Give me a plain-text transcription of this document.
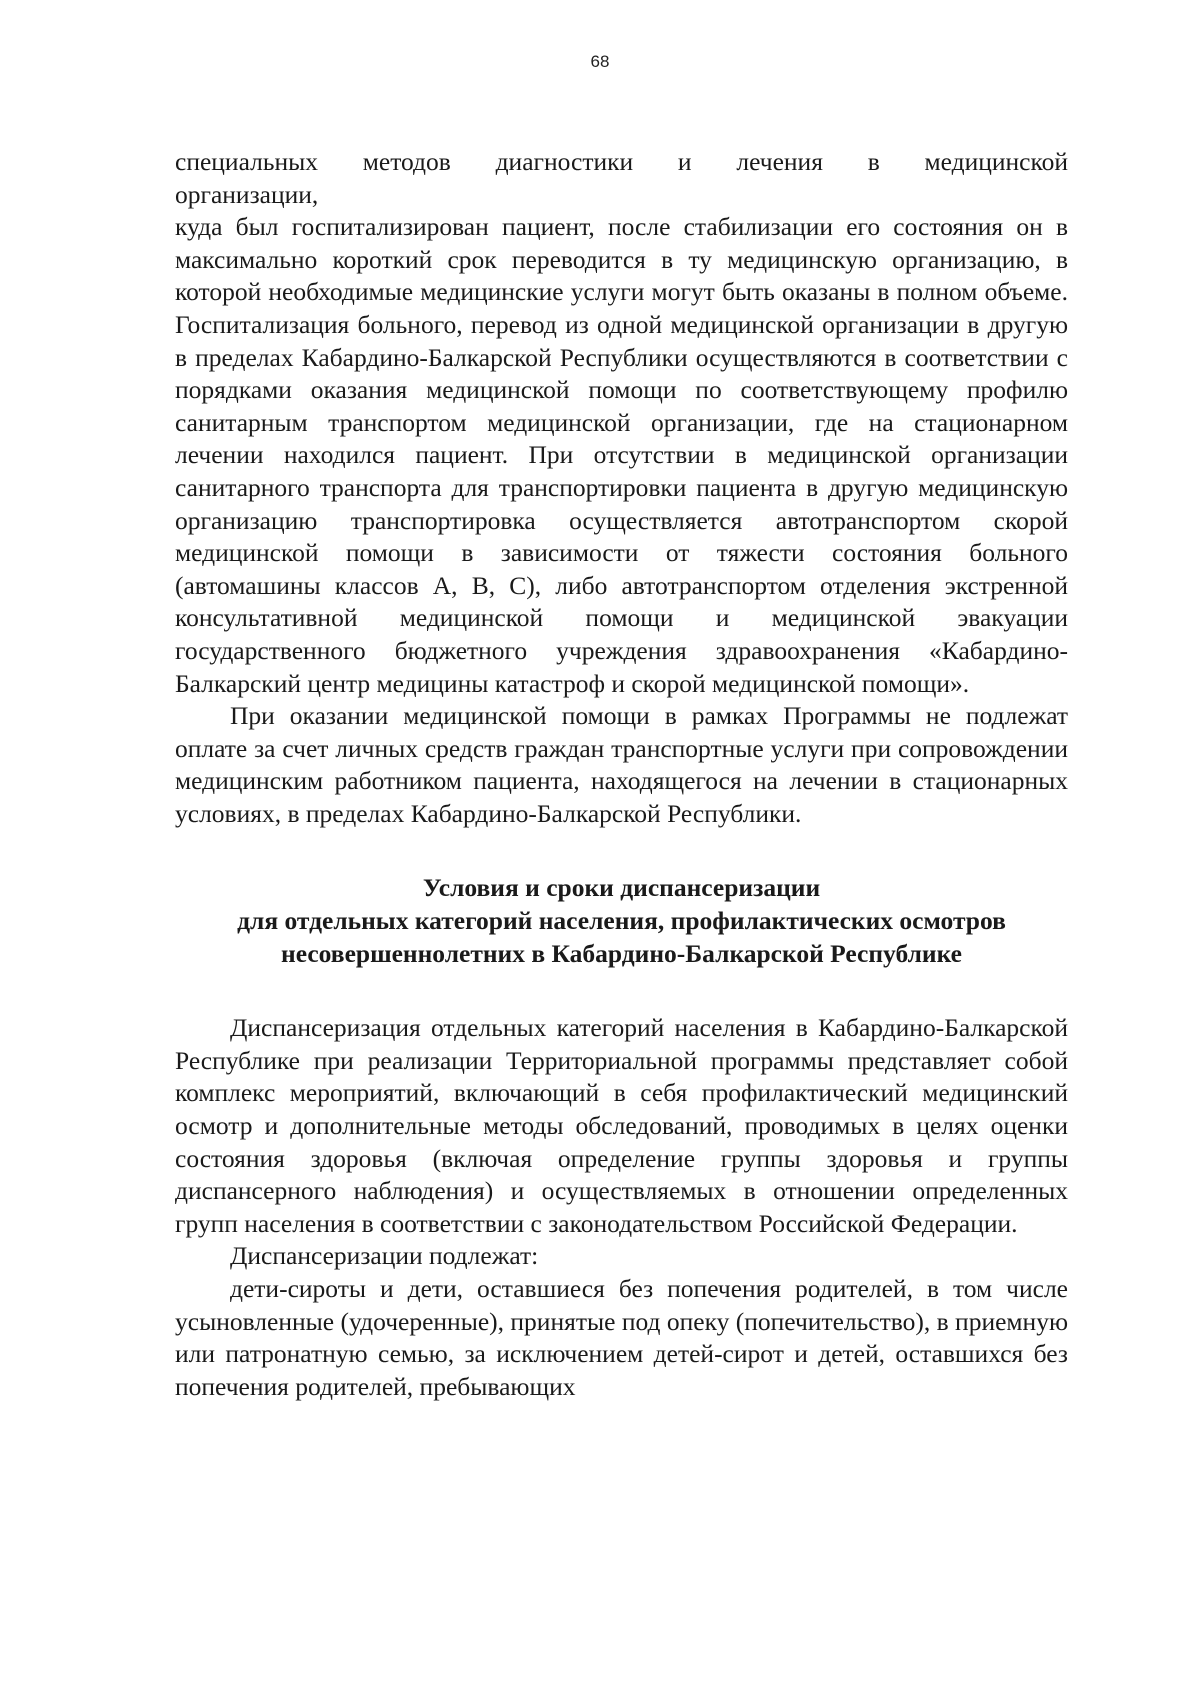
68

специальных методов диагностики и лечения в медицинской

организации,

куда был госпитализирован пациент, после стабилизации его состояния он в максимально короткий срок переводится в ту медицинскую организацию, в которой необходимые медицинские услуги могут быть оказаны в полном объеме. Госпитализация больного, перевод из одной медицинской организации в другую в пределах Кабардино-Балкарской Республики осуществляются в соответствии с порядками оказания медицинской помощи по соответствующему профилю санитарным транспортом медицинской организации, где на стационарном лечении находился пациент. При отсутствии в медицинской организации санитарного транспорта для транспортировки пациента в другую медицинскую организацию транспортировка осуществляется автотранспортом скорой медицинской помощи в зависимости от тяжести состояния больного (автомашины классов А, B, C), либо автотранспортом отделения экстренной консультативной медицинской помощи и медицинской эвакуации государственного бюджетного учреждения здравоохранения «Кабардино-Балкарский центр медицины катастроф и скорой медицинской помощи».

При оказании медицинской помощи в рамках Программы не подлежат оплате за счет личных средств граждан транспортные услуги при сопровождении медицинским работником пациента, находящегося на лечении в стационарных условиях, в пределах Кабардино-Балкарской Республики.

Условия и сроки диспансеризации
для отдельных категорий населения, профилактических осмотров
несовершеннолетних в Кабардино-Балкарской Республике

Диспансеризация отдельных категорий населения в Кабардино-Балкарской Республике при реализации Территориальной программы представляет собой комплекс мероприятий, включающий в себя профилактический медицинский осмотр и дополнительные методы обследований, проводимых в целях оценки состояния здоровья (включая определение группы здоровья и группы диспансерного наблюдения) и осуществляемых в отношении определенных групп населения в соответствии с законодательством Российской Федерации.

Диспансеризации подлежат:

дети-сироты и дети, оставшиеся без попечения родителей, в том числе усыновленные (удочеренные), принятые под опеку (попечительство), в приемную или патронатную семью, за исключением детей-сирот и детей, оставшихся без попечения родителей, пребывающих
